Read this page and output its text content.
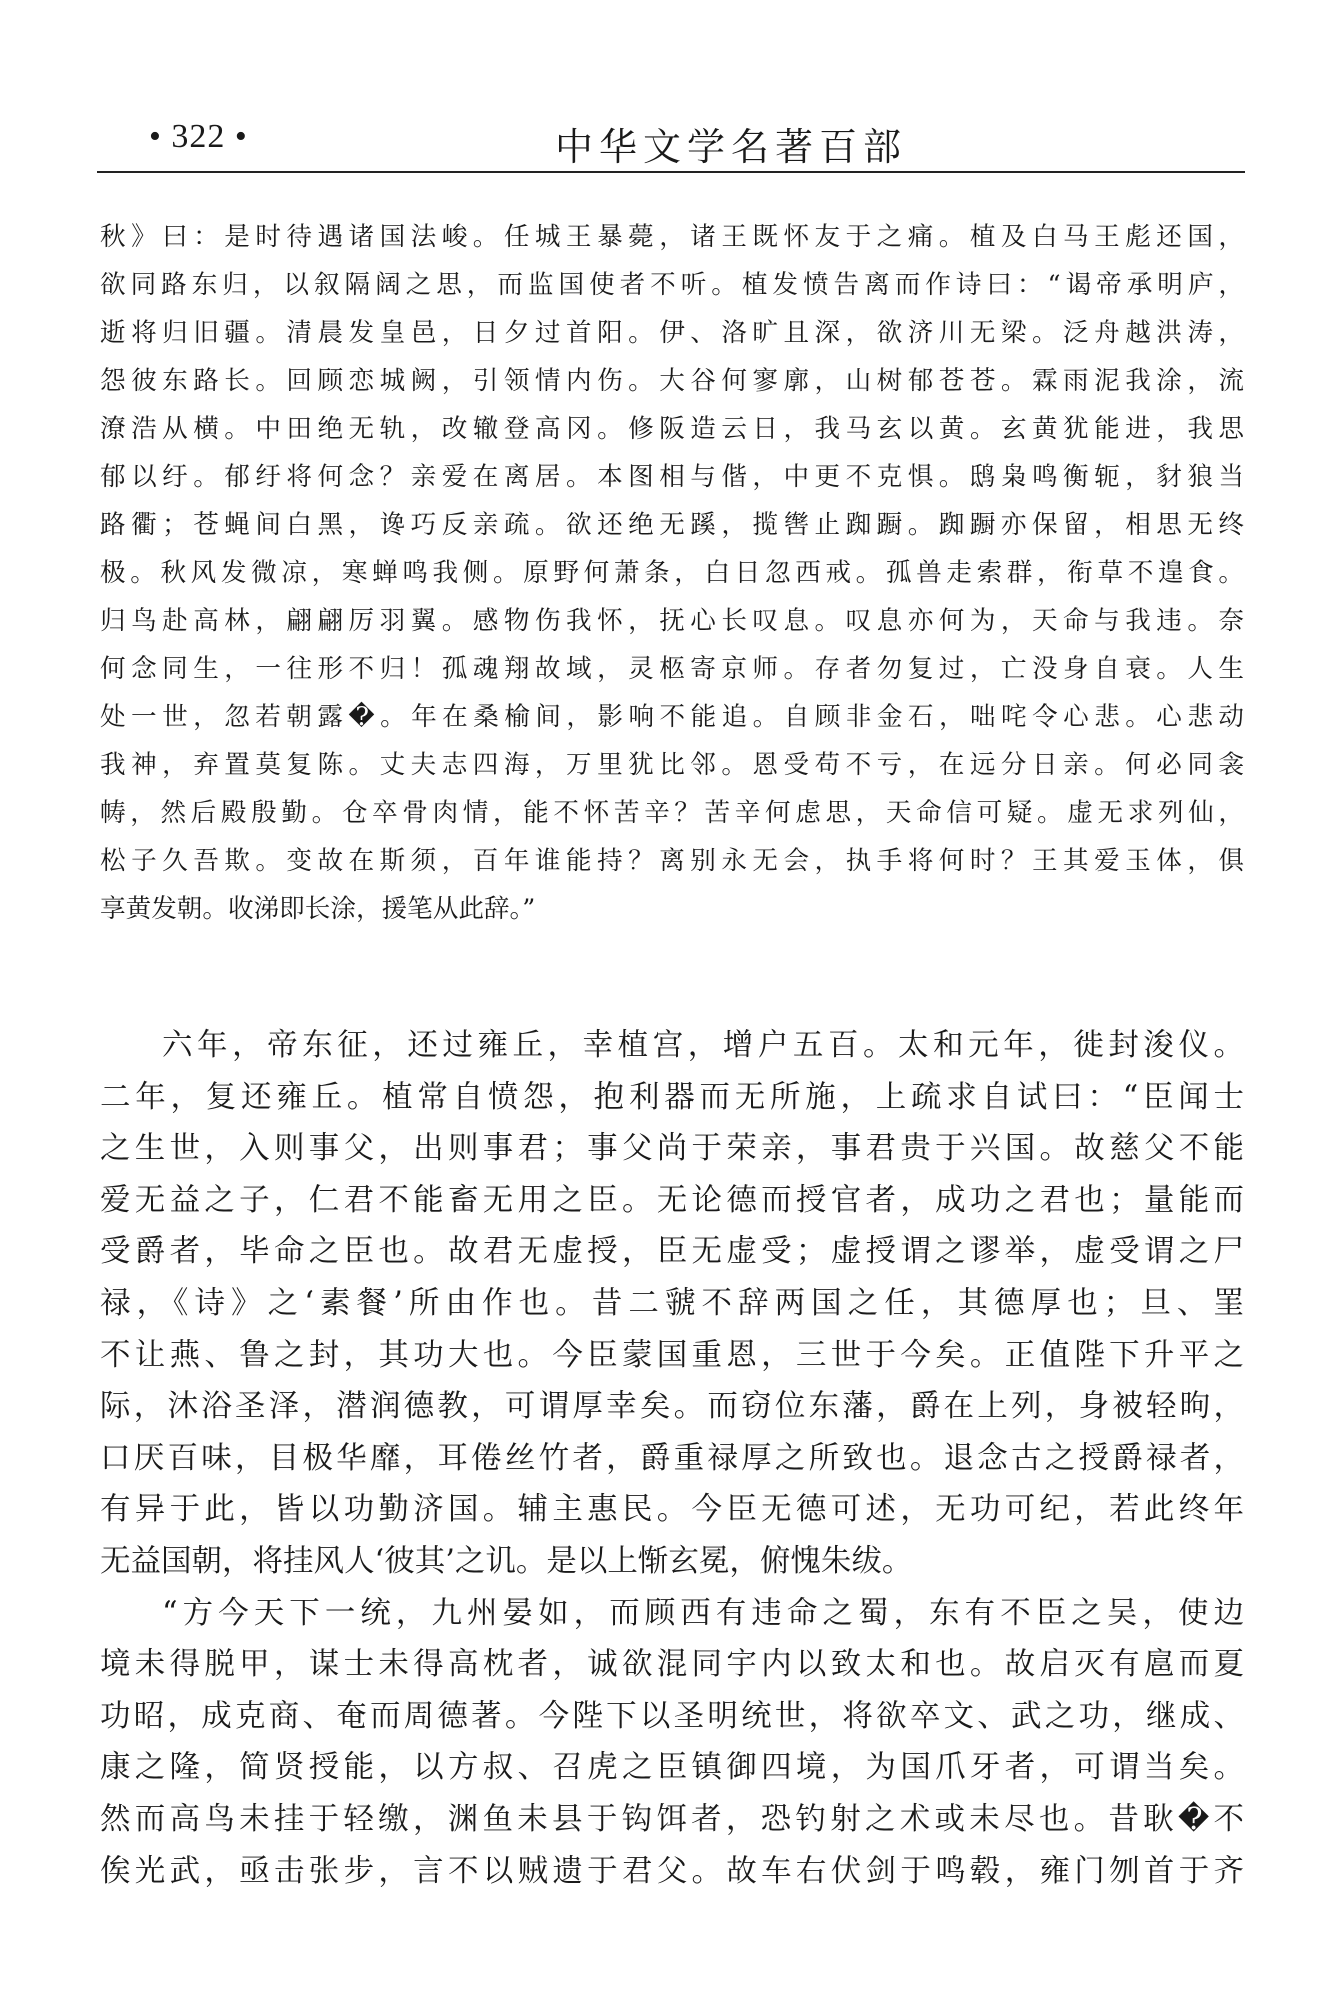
• 322 •	中华文学名著百部
秋》曰：是时待遇诸国法峻。任城王暴薨，诸王既怀友于之痛。植及白马王彪还国，
欲同路东归，以叙隔阔之思，而监国使者不听。植发愤告离而作诗曰：“谒帝承明庐，
逝将归旧疆。清晨发皇邑，日夕过首阳。伊、洛旷且深，欲济川无梁。泛舟越洪涛，
怨彼东路长。回顾恋城阙，引领情内伤。大谷何寥廓，山树郁苍苍。霖雨泥我涂，流
潦浩从横。中田绝无轨，改辙登高冈。修阪造云日，我马玄以黄。玄黄犹能进，我思
郁以纡。郁纡将何念？亲爱在离居。本图相与偕，中更不克惧。鸱枭鸣衡轭，豺狼当
路衢；苍蝇间白黑，谗巧反亲疏。欲还绝无蹊，揽辔止踟蹰。踟蹰亦保留，相思无终
极。秋风发微凉，寒蝉鸣我侧。原野何萧条，白日忽西戒。孤兽走索群，衔草不遑食。
归鸟赴高林，翩翩厉羽翼。感物伤我怀，抚心长叹息。叹息亦何为，天命与我违。奈
何念同生，一往形不归！孤魂翔故域，灵柩寄京师。存者勿复过，亡没身自衰。人生
处一世，忽若朝露�。年在桑榆间，影响不能追。自顾非金石，咄咤令心悲。心悲动
我神，弃置莫复陈。丈夫志四海，万里犹比邻。恩受苟不亏，在远分日亲。何必同衾
帱，然后殿殷勤。仓卒骨肉情，能不怀苦辛？苦辛何虑思，天命信可疑。虚无求列仙，
松子久吾欺。变故在斯须，百年谁能持？离别永无会，执手将何时？王其爱玉体，俱
享黄发朝。收涕即长涂，援笔从此辞。”
六年，帝东征，还过雍丘，幸植宫，增户五百。太和元年，徙封浚仪。
二年，复还雍丘。植常自愤怨，抱利器而无所施，上疏求自试曰：“臣闻士
之生世，入则事父，出则事君；事父尚于荣亲，事君贵于兴国。故慈父不能
爱无益之子，仁君不能畜无用之臣。无论德而授官者，成功之君也；量能而
受爵者，毕命之臣也。故君无虚授，臣无虚受；虚授谓之谬举，虚受谓之尸
禄，《诗》之‘素餐’所由作也。昔二虢不辞两国之任，其德厚也；旦、罣
不让燕、鲁之封，其功大也。今臣蒙国重恩，三世于今矣。正值陛下升平之
际，沐浴圣泽，潜润德教，可谓厚幸矣。而窃位东藩，爵在上列，身被轻昫，
口厌百味，目极华靡，耳倦丝竹者，爵重禄厚之所致也。退念古之授爵禄者，
有异于此，皆以功勤济国。辅主惠民。今臣无德可述，无功可纪，若此终年
无益国朝，将挂风人‘彼其’之讥。是以上惭玄冕，俯愧朱绂。
“方今天下一统，九州晏如，而顾西有违命之蜀，东有不臣之吴，使边
境未得脱甲，谋士未得高枕者，诚欲混同宇内以致太和也。故启灭有扈而夏
功昭，成克商、奄而周德著。今陛下以圣明统世，将欲卒文、武之功，继成、
康之隆，简贤授能，以方叔、召虎之臣镇御四境，为国爪牙者，可谓当矣。
然而高鸟未挂于轻缴，渊鱼未县于钩饵者，恐钓射之术或未尽也。昔耿�不
俟光武，亟击张步，言不以贼遗于君父。故车右伏剑于鸣毂，雍门刎首于齐
